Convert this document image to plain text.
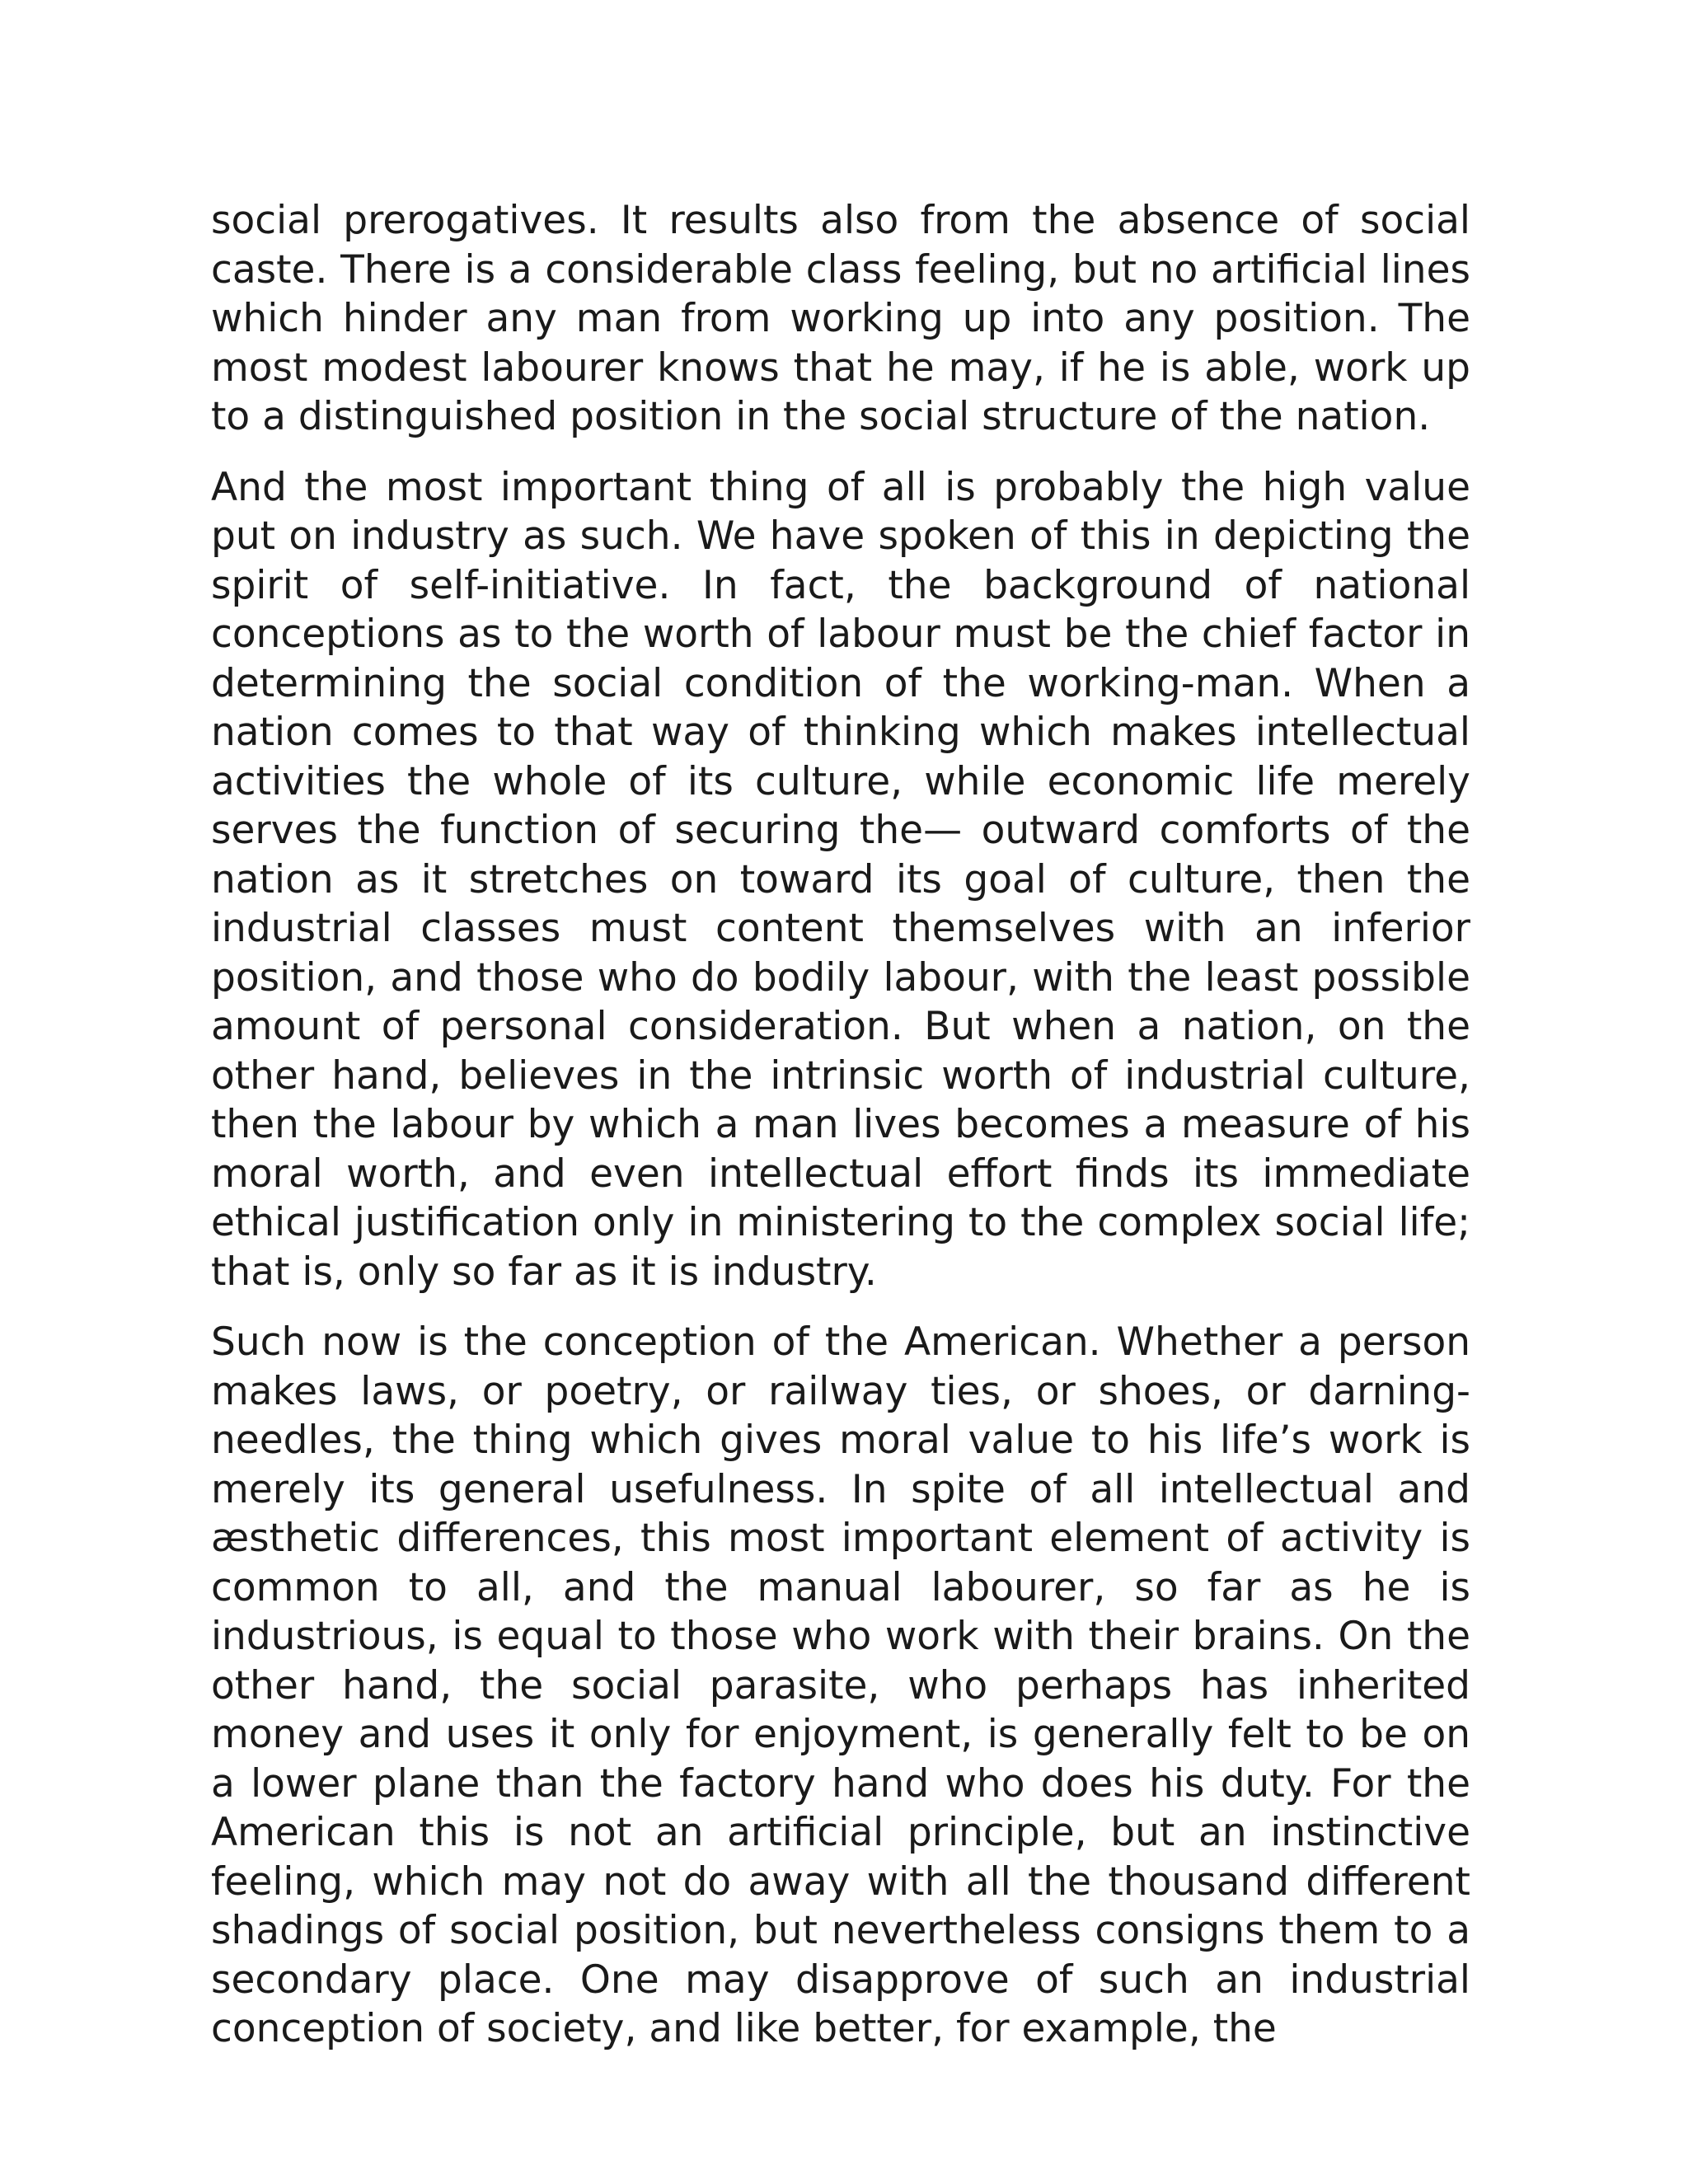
social prerogatives. It results also from the absence of social caste. There is a considerable class feeling, but no artificial lines which hinder any man from working up into any position. The most modest labourer knows that he may, if he is able, work up to a distinguished position in the social structure of the nation.

And the most important thing of all is probably the high value put on industry as such. We have spoken of this in depicting the spirit of self-initiative. In fact, the background of national conceptions as to the worth of labour must be the chief factor in determining the social condition of the working-man. When a nation comes to that way of thinking which makes intellectual activities the whole of its culture, while economic life merely serves the function of securing the— outward comforts of the nation as it stretches on toward its goal of culture, then the industrial classes must content themselves with an inferior position, and those who do bodily labour, with the least possible amount of personal consideration. But when a nation, on the other hand, believes in the intrinsic worth of industrial culture, then the labour by which a man lives becomes a measure of his moral worth, and even intellectual effort finds its immediate ethical justification only in ministering to the complex social life; that is, only so far as it is industry.

Such now is the conception of the American. Whether a person makes laws, or poetry, or railway ties, or shoes, or darning-needles, the thing which gives moral value to his life’s work is merely its general usefulness. In spite of all intellectual and æsthetic differences, this most important element of activity is common to all, and the manual labourer, so far as he is industrious, is equal to those who work with their brains. On the other hand, the social parasite, who perhaps has inherited money and uses it only for enjoyment, is generally felt to be on a lower plane than the factory hand who does his duty. For the American this is not an artificial principle, but an instinctive feeling, which may not do away with all the thousand different shadings of social position, but nevertheless consigns them to a secondary place. One may disapprove of such an industrial conception of society, and like better, for example, the
